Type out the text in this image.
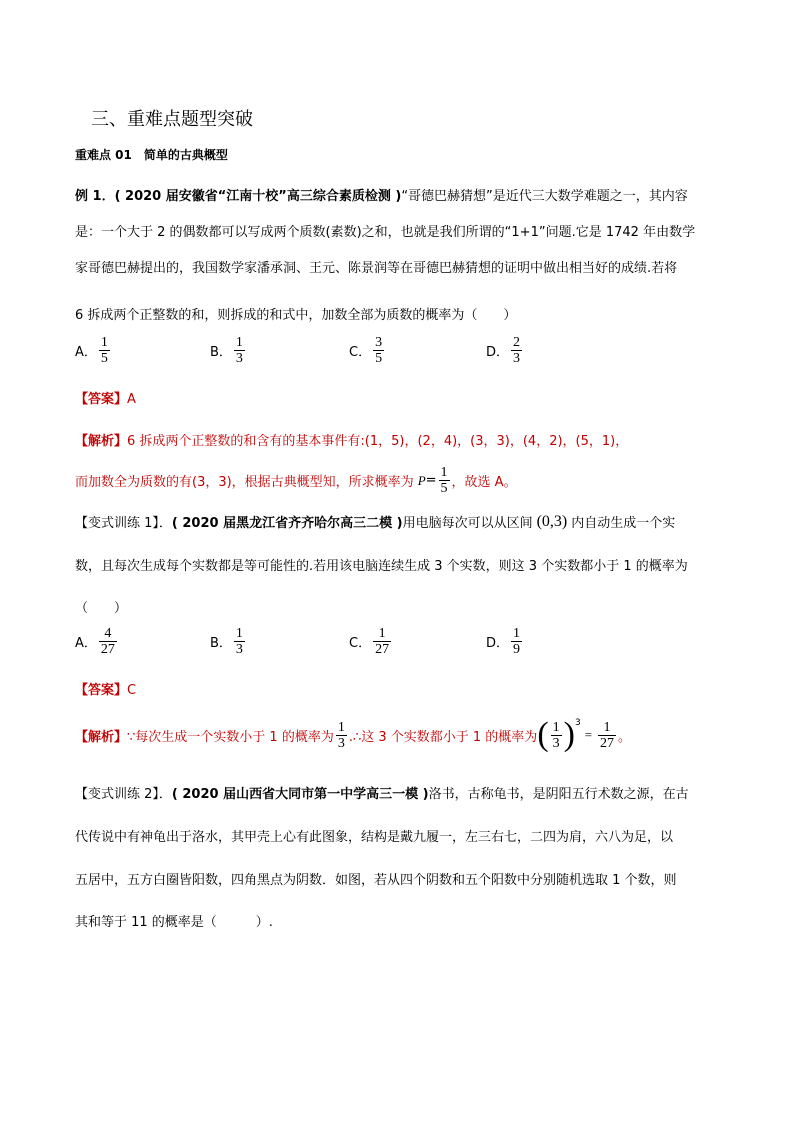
三、重难点题型突破
重难点 01　简单的古典概型
例 1．( 2020 届安徽省“江南十校”高三综合素质检测 )“哥德巴赫猜想”是近代三大数学难题之一，其内容
是：一个大于 2 的偶数都可以写成两个质数(素数)之和，也就是我们所谓的“1+1”问题.它是 1742 年由数学
家哥德巴赫提出的，我国数学家潘承洞、王元、陈景润等在哥德巴赫猜想的证明中做出相当好的成绩.若将
6 拆成两个正整数的和，则拆成的和式中，加数全部为质数的概率为（　　）
A． $\frac{1}{5}$	B． $\frac{1}{3}$	C． $\frac{3}{5}$	D． $\frac{2}{3}$
【答案】A
【解析】6 拆成两个正整数的和含有的基本事件有:(1，5)，(2，4)，(3，3)，(4，2)，(5，1)，
而加数全为质数的有(3，3)，根据古典概型知，所求概率为 $P = \frac{1}{5}$ ，故选 A。
【变式训练 1】． ( 2020 届黑龙江省齐齐哈尔高三二模 ) 用电脑每次可以从区间 (0,3) 内自动生成一个实
数，且每次生成每个实数都是等可能性的.若用该电脑连续生成 3 个实数，则这 3 个实数都小于 1 的概率为
（　　）
A． $\frac{4}{27}$	B． $\frac{1}{3}$	C． $\frac{1}{27}$	D． $\frac{1}{9}$
【答案】C
【解析】 ∵每次生成一个实数小于 1 的概率为 $\frac{1}{3}$ .∴这 3 个实数都小于 1 的概率为 ( $\frac{1}{3}$ ) 3
= $\frac{1}{27}$ 。
【变式训练 2】．( 2020 届山西省大同市第一中学高三一模 )洛书，古称龟书，是阴阳五行术数之源，在古
代传说中有神龟出于洛水，其甲壳上心有此图象，结构是戴九履一，左三右七，二四为肩，六八为足，以
五居中，五方白圈皆阳数，四角黑点为阴数．如图，若从四个阴数和五个阳数中分别随机选取 1 个数，则
其和等于 11 的概率是（　　　）.
